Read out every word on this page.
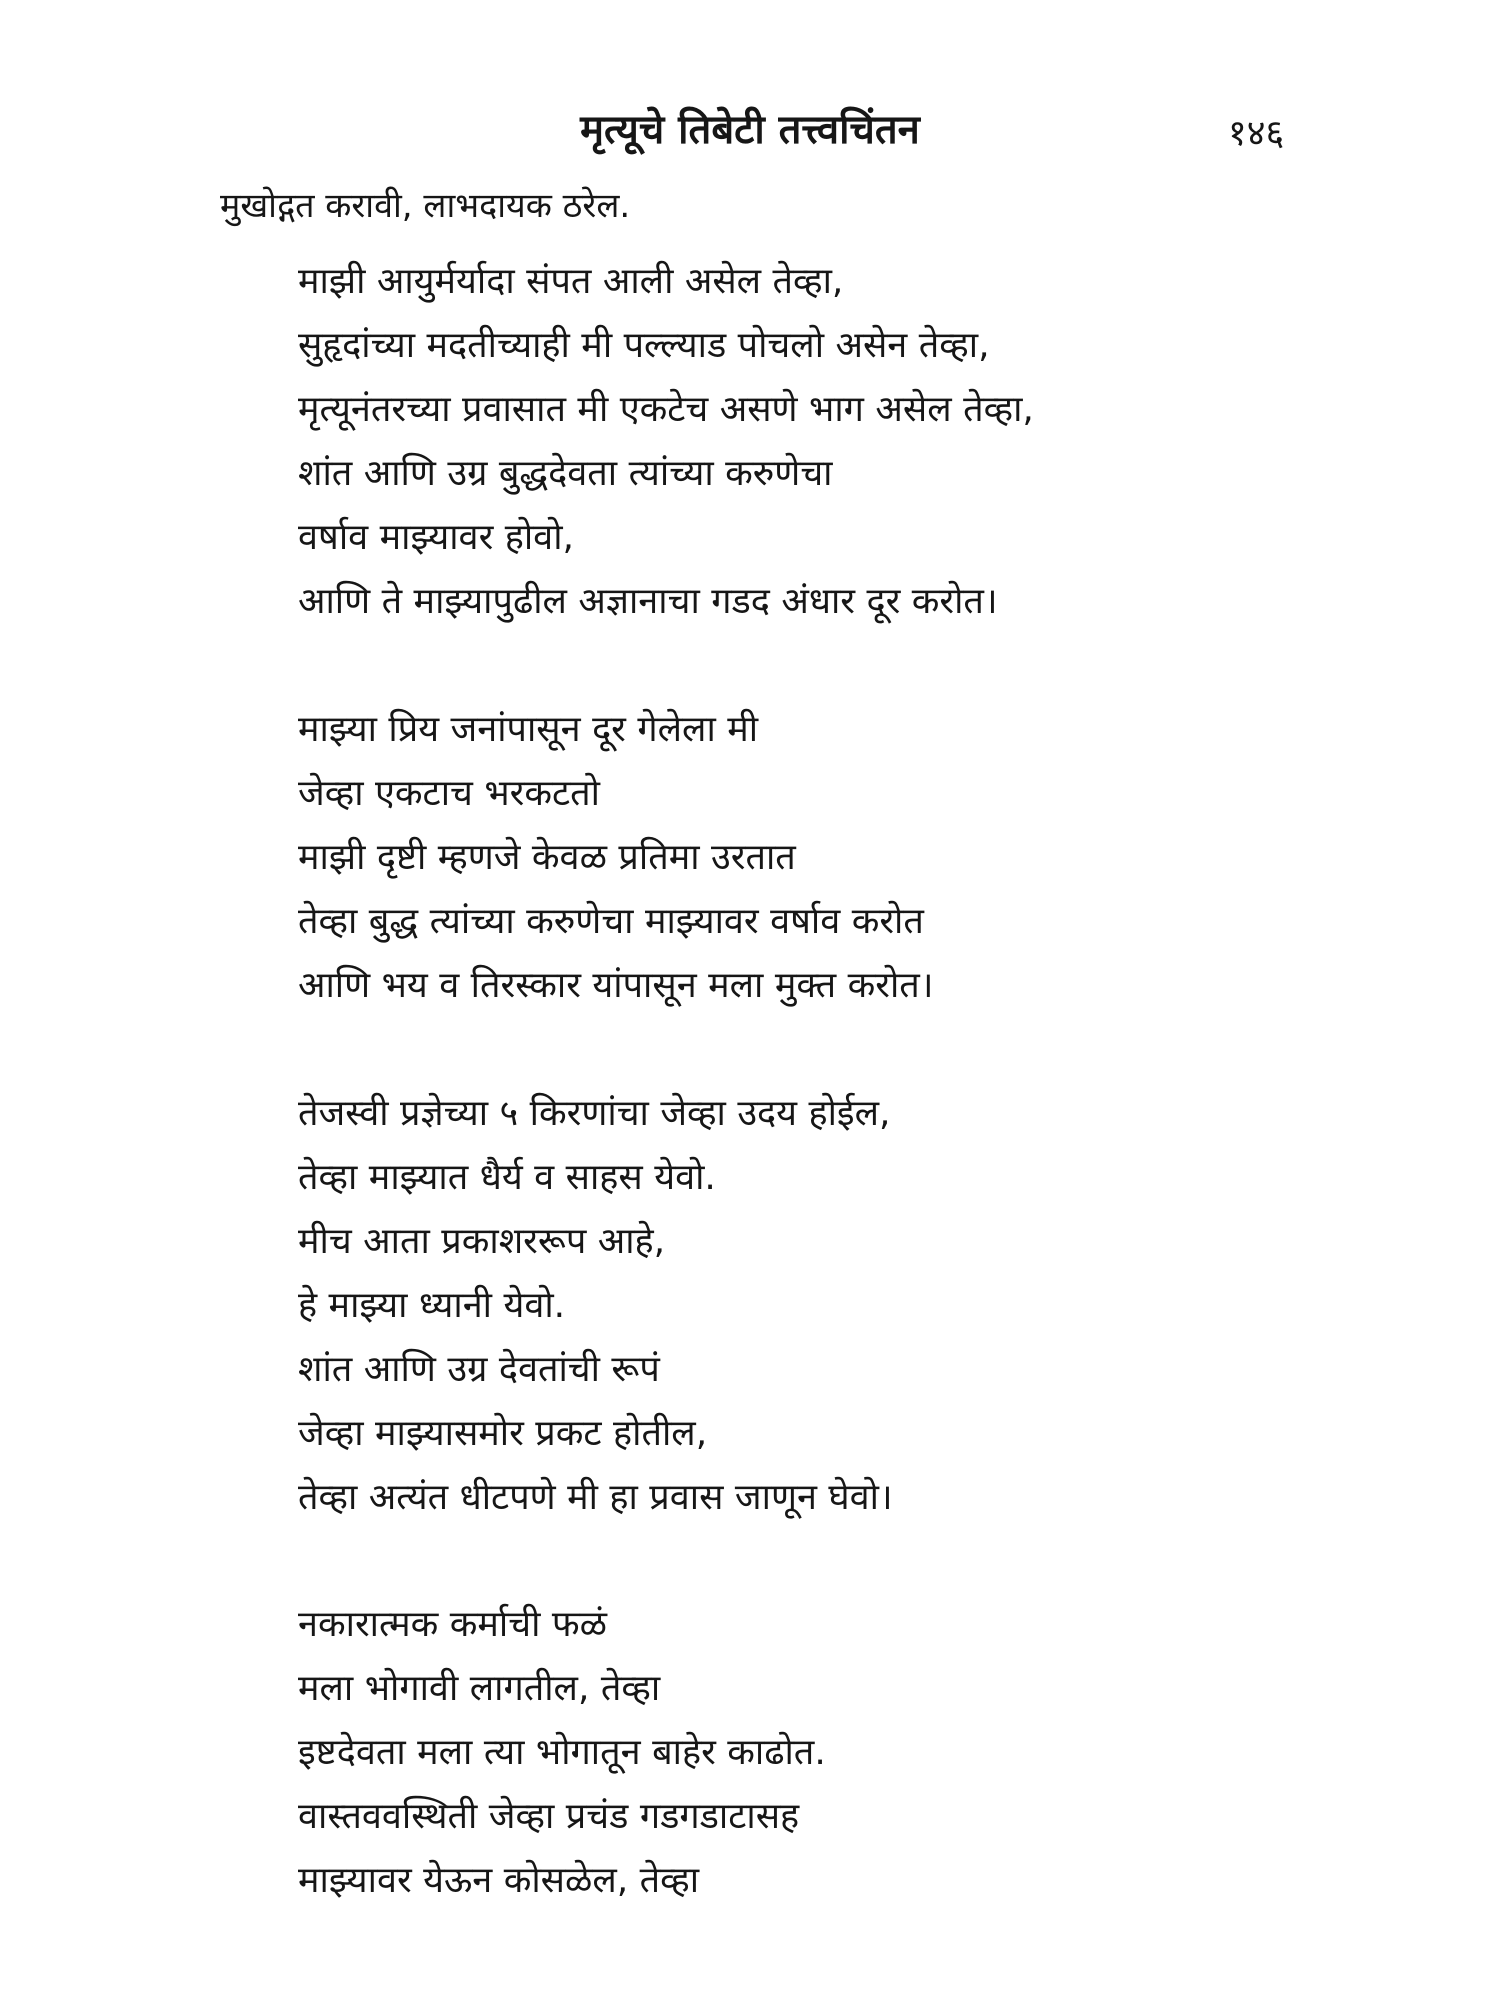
मृत्यूचे तिबेटी तत्त्वचिंतन	१४६

मुखोद्गत करावी, लाभदायक ठरेल.

माझी आयुर्मर्यादा संपत आली असेल तेव्हा,
सुहृदांच्या मदतीच्याही मी पल्ल्याड पोचलो असेन तेव्हा,
मृत्यूनंतरच्या प्रवासात मी एकटेच असणे भाग असेल तेव्हा,
शांत आणि उग्र बुद्धदेवता त्यांच्या करुणेचा
वर्षाव माझ्यावर होवो,
आणि ते माझ्यापुढील अज्ञानाचा गडद अंधार दूर करोत।
माझ्या प्रिय जनांपासून दूर गेलेला मी
जेव्हा एकटाच भरकटतो
माझी दृष्टी म्हणजे केवळ प्रतिमा उरतात
तेव्हा बुद्ध त्यांच्या करुणेचा माझ्यावर वर्षाव करोत
आणि भय व तिरस्कार यांपासून मला मुक्त करोत।
तेजस्वी प्रज्ञेच्या ५ किरणांचा जेव्हा उदय होईल,
तेव्हा माझ्यात धैर्य व साहस येवो.
मीच आता प्रकाशररूप आहे,
हे माझ्या ध्यानी येवो.
शांत आणि उग्र देवतांची रूपं
जेव्हा माझ्यासमोर प्रकट होतील,
तेव्हा अत्यंत धीटपणे मी हा प्रवास जाणून घेवो।
नकारात्मक कर्माची फळं
मला भोगावी लागतील, तेव्हा
इष्टदेवता मला त्या भोगातून बाहेर काढोत.
वास्तववस्थिती जेव्हा प्रचंड गडगडाटासह
माझ्यावर येऊन कोसळेल, तेव्हा
